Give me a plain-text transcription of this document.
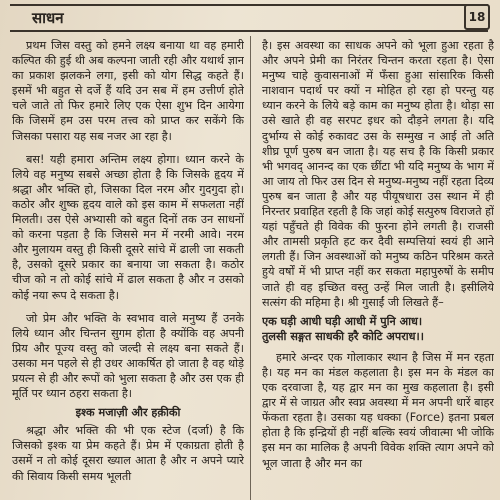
साधन	18

प्रथम जिस वस्तु को हमने लक्ष्य बनाया था वह हमारी कल्पित की हुई थी अब कल्पना जाती रही और यथार्थ ज्ञान का प्रकाश झलकने लगा, इसी को योग सिद्ध कहते हैं। इसमें भी बहुत से दर्जे हैं यदि उन सब में हम उत्तीर्ण होते चले जाते तो फिर हमारे लिए एक ऐसा शुभ दिन आयेगा कि जिसमें हम उस परम तत्त्व को प्राप्त कर सकेंगे कि जिसका पसारा यह सब नजर आ रहा है।

बस! यही हमारा अन्तिम लक्ष्य होगा। ध्यान करने के लिये वह मनुष्य सबसे अच्छा होता है कि जिसके हृदय में श्रद्धा और भक्ति हो, जिसका दिल नरम और गुदगुदा हो। कठोर और शुष्क हृदय वाले को इस काम में सफलता नहीं मिलती। उस ऐसे अभ्यासी को बहुत दिनों तक उन साधनों को करना पड़ता है कि जिससे मन में नरमी आवे। नरम और मुलायम वस्तु ही किसी दूसरे सांचे में ढाली जा सकती है, उसको दूसरे प्रकार का बनाया जा सकता है। कठोर चीज को न तो कोई सांचे में ढाल सकता है और न उसको कोई नया रूप दे सकता है।

जो प्रेम और भक्ति के स्वभाव वाले मनुष्य हैं उनके लिये ध्यान और चिन्तन सुगम होता है क्योंकि वह अपनी प्रिय और पूज्य वस्तु को जल्दी से लक्ष्य बना सकते हैं। उसका मन पहले से ही उधर आकर्षित हो जाता है वह थोड़े प्रयत्न से ही और रूपों को भुला सकता है और उस एक ही मूर्ति पर ध्यान ठहरा सकता है।

इश्क मजाज़ी और हक़ीकी

श्रद्धा और भक्ति की भी एक स्टेज (दर्जा) है कि जिसको इश्क या प्रेम कहते हैं। प्रेम में एकाग्रता होती है उसमें न तो कोई दूसरा ख्याल आता है और न अपने प्यारे की सिवाय किसी समय भूलती

है। इस अवस्था का साधक अपने को भूला हुआ रहता है और अपने प्रेमी का निरंतर चिन्तन करता रहता है। ऐसा मनुष्य चाहे कुवासनाओं में फँसा हुआ सांसारिक किसी नाशवान पदार्थ पर क्यों न मोहित हो रहा हो परन्तु यह ध्यान करने के लिये बड़े काम का मनुष्य होता है। थोड़ा सा उसे खाते ही वह सरपट इधर को दौड़ने लगता है। यदि दुर्भाग्य से कोई रुकावट उस के सम्मुख न आई तो अति शीघ्र पूर्ण पुरुष बन जाता है। यह सच है कि किसी प्रकार भी भगवद् आनन्द का एक छींटा भी यदि मनुष्य के भाग में आ जाय तो फिर उस दिन से मनुष्य-मनुष्य नहीं रहता दिव्य पुरुष बन जाता है और यह पीयूषधारा उस स्थान में ही निरन्तर प्रवाहित रहती है कि जहां कोई सत्पुरुष विराजते हों यहां पहुँचते ही विवेक की फुरना होने लगती है। राजसी और तामसी प्रकृति हट कर दैवी सम्पत्तियां स्वयं ही आने लगती हैं। जिन अवस्थाओं को मनुष्य कठिन परिश्रम करते हुये वर्षों में भी प्राप्त नहीं कर सकता महापुरुषों के समीप जाते ही वह इच्छित वस्तु उन्हें मिल जाती है। इसीलिये सत्संग की महिमा है। श्री गुसाईं जी लिखते हैं–

एक घड़ी आधी घड़ी आधी में पुनि आध।
तुलसी सङ्गत साधकी हरै कोटि अपराध।।

हमारे अन्दर एक गोलाकार स्थान है जिस में मन रहता है। यह मन का मंडल कहलाता है। इस मन के मंडल का एक दरवाजा है, यह द्वार मन का मुख कहलाता है। इसी द्वार में से जाग्रत और स्वप्न अवस्था में मन अपनी धारें बाहर फेंकता रहता है। उसका यह धक्का (Force) इतना प्रबल होता है कि इन्द्रियों ही नहीं बल्कि स्वयं जीवात्मा भी जोकि इस मन का मालिक है अपनी विवेक शक्ति त्याग अपने को भूल जाता है और मन का
